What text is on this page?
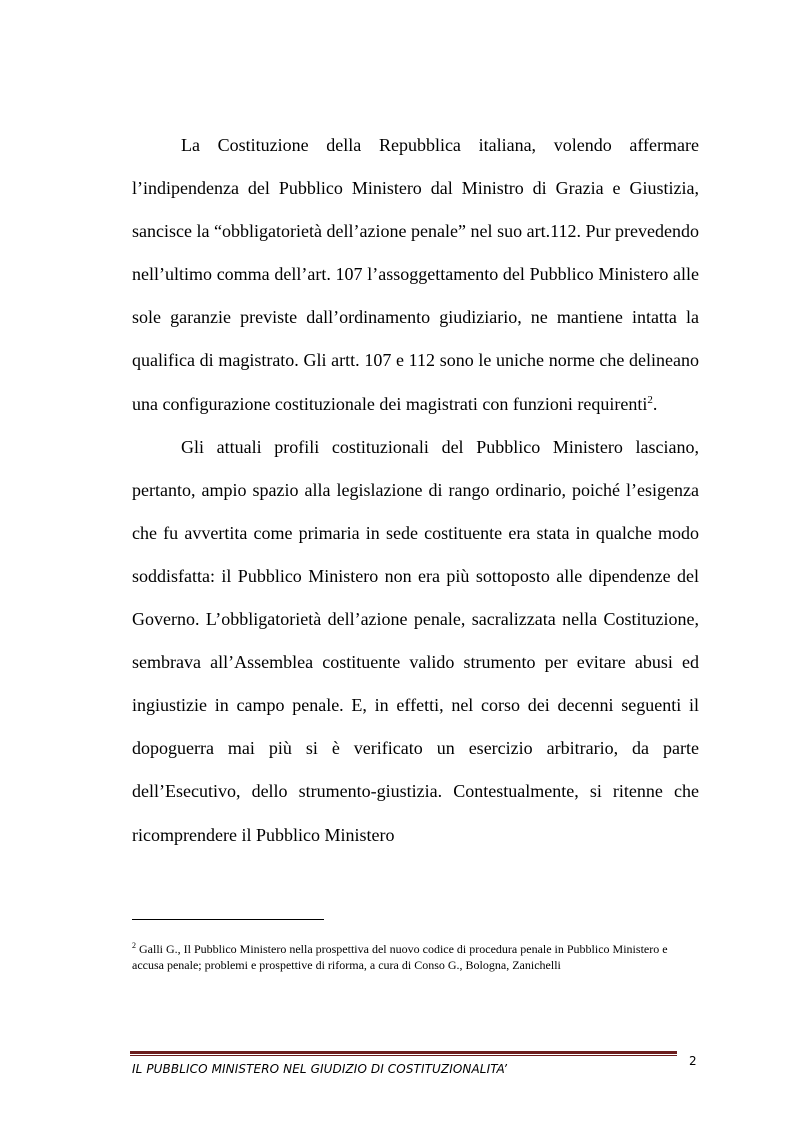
La Costituzione della Repubblica italiana, volendo affermare l’indipendenza del Pubblico Ministero dal Ministro di Grazia e Giustizia, sancisce la “obbligatorietà dell’azione penale” nel suo art.112. Pur prevedendo nell’ultimo comma dell’art. 107 l’assoggettamento del Pubblico Ministero alle sole garanzie previste dall’ordinamento giudiziario, ne mantiene intatta la qualifica di magistrato. Gli artt. 107 e 112 sono le uniche norme che delineano una configurazione costituzionale dei magistrati con funzioni requirenti$^2$.

Gli attuali profili costituzionali del Pubblico Ministero lasciano, pertanto, ampio spazio alla legislazione di rango ordinario, poiché l’esigenza che fu avvertita come primaria in sede costituente era stata in qualche modo soddisfatta: il Pubblico Ministero non era più sottoposto alle dipendenze del Governo. L’obbligatorietà dell’azione penale, sacralizzata nella Costituzione, sembrava all’Assemblea costituente valido strumento per evitare abusi ed ingiustizie in campo penale. E, in effetti, nel corso dei decenni seguenti il dopoguerra mai più si è verificato un esercizio arbitrario, da parte dell’Esecutivo, dello strumento-giustizia. Contestualmente, si ritenne che ricomprendere il Pubblico Ministero

$^2$ Galli G., Il Pubblico Ministero nella prospettiva del nuovo codice di procedura penale in Pubblico Ministero e accusa penale; problemi e prospettive di riforma, a cura di Conso G., Bologna, Zanichelli

IL PUBBLICO MINISTERO NEL GIUDIZIO DI COSTITUZIONALITA’
2
